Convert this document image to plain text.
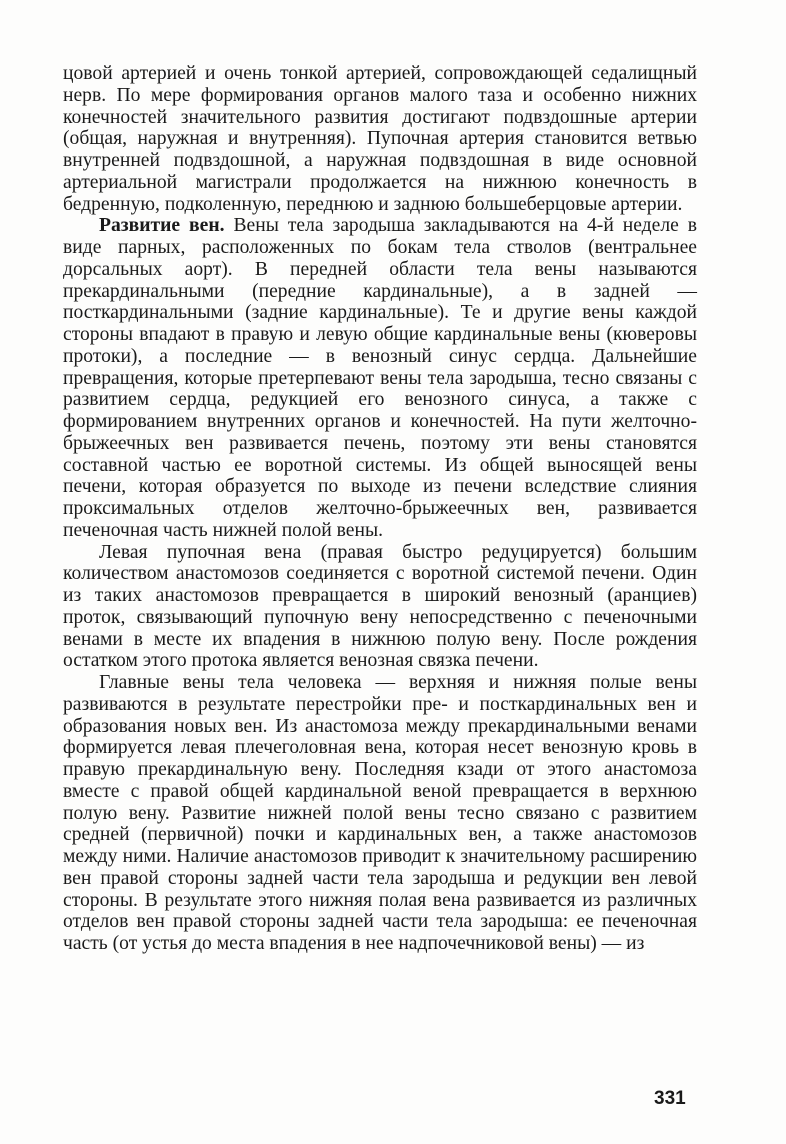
цовой артерией и очень тонкой артерией, сопровождающей седалищный нерв. По мере формирования органов малого таза и особенно нижних конечностей значительного развития достигают подвздошные артерии (общая, наружная и внутренняя). Пупочная артерия становится ветвью внутренней подвздошной, а наружная подвздошная в виде основной артериальной магистрали продолжается на нижнюю конечность в бедренную, подколенную, переднюю и заднюю большеберцовые артерии.

Развитие вен. Вены тела зародыша закладываются на 4-й неделе в виде парных, расположенных по бокам тела стволов (вентральнее дорсальных аорт). В передней области тела вены называются прекардинальными (передние кардинальные), а в задней — посткардинальными (задние кардинальные). Те и другие вены каждой стороны впадают в правую и левую общие кардинальные вены (кюверовы протоки), а последние — в венозный синус сердца. Дальнейшие превращения, которые претерпевают вены тела зародыша, тесно связаны с развитием сердца, редукцией его венозного синуса, а также с формированием внутренних органов и конечностей. На пути желточно-брыжеечных вен развивается печень, поэтому эти вены становятся составной частью ее воротной системы. Из общей выносящей вены печени, которая образуется по выходе из печени вследствие слияния проксимальных отделов желточно-брыжеечных вен, развивается печеночная часть нижней полой вены.

Левая пупочная вена (правая быстро редуцируется) большим количеством анастомозов соединяется с воротной системой печени. Один из таких анастомозов превращается в широкий венозный (аранциев) проток, связывающий пупочную вену непосредственно с печеночными венами в месте их впадения в нижнюю полую вену. После рождения остатком этого протока является венозная связка печени.

Главные вены тела человека — верхняя и нижняя полые вены развиваются в результате перестройки пре- и посткардинальных вен и образования новых вен. Из анастомоза между прекардинальными венами формируется левая плечеголовная вена, которая несет венозную кровь в правую прекардинальную вену. Последняя кзади от этого анастомоза вместе с правой общей кардинальной веной превращается в верхнюю полую вену. Развитие нижней полой вены тесно связано с развитием средней (первичной) почки и кардинальных вен, а также анастомозов между ними. Наличие анастомозов приводит к значительному расширению вен правой стороны задней части тела зародыша и редукции вен левой стороны. В результате этого нижняя полая вена развивается из различных отделов вен правой стороны задней части тела зародыша: ее печеночная часть (от устья до места впадения в нее надпочечниковой вены) — из

331
